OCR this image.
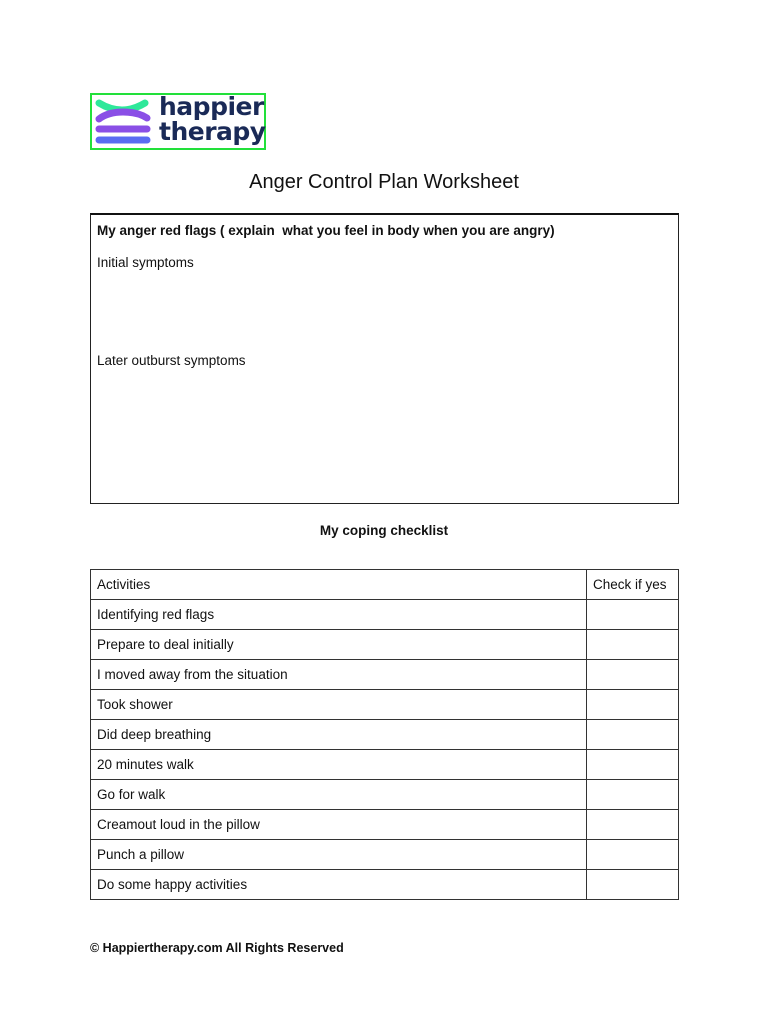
happier
therapy
Anger Control Plan Worksheet
My anger red flags ( explain  what you feel in body when you are angry)
Initial symptoms
Later outburst symptoms
My coping checklist
Activities	Check if yes
Identifying red flags	
Prepare to deal initially	
I moved away from the situation	
Took shower	
Did deep breathing	
20 minutes walk	
Go for walk	
Creamout loud in the pillow	
Punch a pillow	
Do some happy activities	
© Happiertherapy.com All Rights Reserved
